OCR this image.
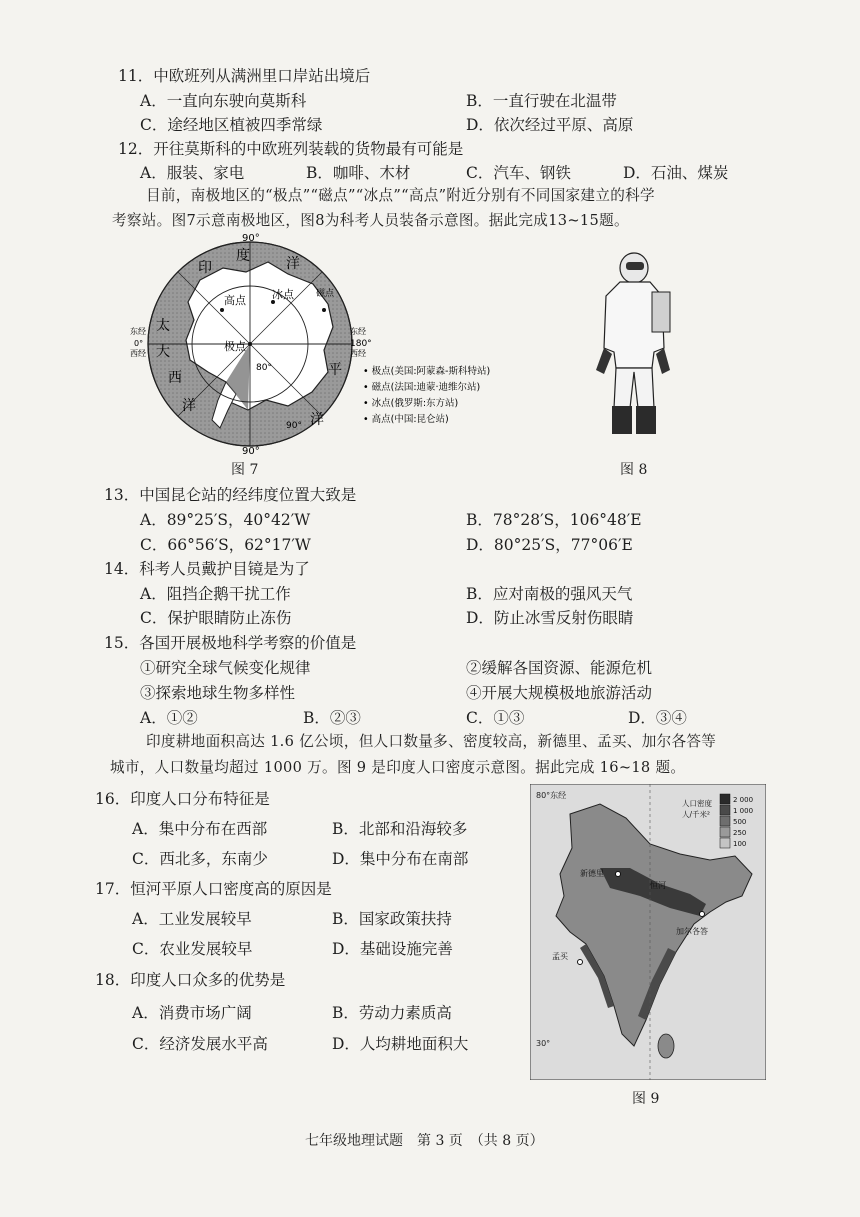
11．中欧班列从满洲里口岸站出境后
A．一直向东驶向莫斯科	B．一直行驶在北温带
C．途经地区植被四季常绿	D．依次经过平原、高原
12．开往莫斯科的中欧班列装载的货物最有可能是
A．服装、家电	B．咖啡、木材	C．汽车、钢铁	D．石油、煤炭
目前，南极地区的“极点”“磁点”“冰点”“高点”附近分别有不同国家建立的科学
考察站。图7示意南极地区，图8为科考人员装备示意图。据此完成13~15题。
90°
90°
东经
0°
西经
东经
180°
西经
印
度	洋
太
平
洋
大
西
洋
高点 冰点
极点
磁点
80°
90°
• 极点(美国:阿蒙森-斯科特站)
• 磁点(法国:迪蒙·迪维尔站)
• 冰点(俄罗斯:东方站)
• 高点(中国:昆仑站)
图 7	图 8
13．中国昆仑站的经纬度位置大致是
A．89°25′S，40°42′W	B．78°28′S，106°48′E
C．66°56′S，62°17′W	D．80°25′S，77°06′E
14．科考人员戴护目镜是为了
A．阻挡企鹅干扰工作	B．应对南极的强风天气
C．保护眼睛防止冻伤	D．防止冰雪反射伤眼睛
15．各国开展极地科学考察的价值是
①研究全球气候变化规律	②缓解各国资源、能源危机
③探索地球生物多样性	④开展大规模极地旅游活动
A．①②	B．②③	C．①③	D．③④
印度耕地面积高达 1.6 亿公顷，但人口数量多、密度较高，新德里、孟买、加尔各答等
城市，人口数量均超过 1000 万。图 9 是印度人口密度示意图。据此完成 16~18 题。
16．印度人口分布特征是
A．集中分布在西部	B．北部和沿海较多
C．西北多，东南少	D．集中分布在南部
17．恒河平原人口密度高的原因是
A．工业发展较早	B．国家政策扶持
C．农业发展较早	D．基础设施完善
18．印度人口众多的优势是
A．消费市场广阔	B．劳动力素质高
C．经济发展水平高	D．人均耕地面积大
80°东经
30°
人口密度
人/千米²
2 000
1 000
500
250
100
新德里
加尔各答
孟买
恒河
图 9
七年级地理试题　第 3 页　（共 8 页）
